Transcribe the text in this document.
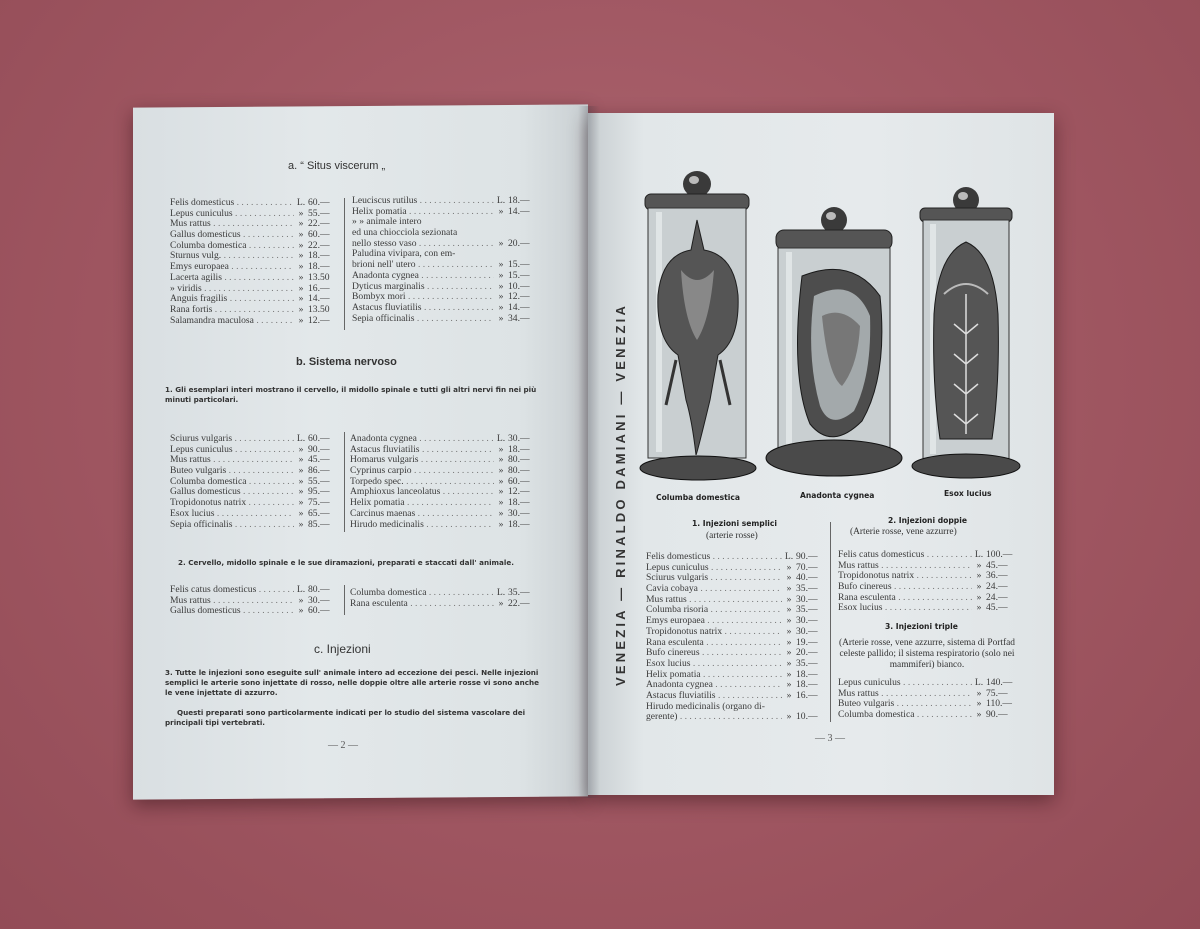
a. “ Situs viscerum „
Felis domesticus . . .	L. 60.—
Lepus cuniculus . . .	» 55.—
Mus rattus . . .	» 22.—
Gallus domesticus . . .	» 60.—
Columba domestica . . .	» 22.—
Sturnus vulg. . . .	» 18.—
Emys europaea . . .	» 18.—
Lacerta agilis . . .	» 13.50
» viridis . . .	» 16.—
Anguis fragilis . . .	» 14.—
Rana fortis . . .	» 13.50
Salamandra maculosa . . .	» 12.—
Leuciscus rutilus . . .	L. 18.—
Helix pomatia . . .	» 14.—
» » animale intero
ed una chiocciola sezionata
nello stesso vaso . . .	» 20.—
Paludina vivipara, con em-
brioni nell' utero . . .	» 15.—
Anadonta cygnea . . .	» 15.—
Dyticus marginalis . . .	» 10.—
Bombyx mori . . .	» 12.—
Astacus fluviatilis . . .	» 14.—
Sepia officinalis . . .	» 34.—
b. Sistema nervoso
1. Gli esemplari interi mostrano il cervello, il midollo spinale e tutti gli altri nervi fin nei più minuti particolari.
Sciurus vulgaris . . .	L. 60.—
Lepus cuniculus . . .	» 90.—
Mus rattus . . .	» 45.—
Buteo vulgaris . . .	» 86.—
Columba domestica . . .	» 55.—
Gallus domesticus . . .	» 95.—
Tropidonotus natrix . . .	» 75.—
Esox lucius . . .	» 65.—
Sepia officinalis . . .	» 85.—
Anadonta cygnea . . .	L. 30.—
Astacus fluviatilis . . .	» 18.—
Homarus vulgaris . . .	» 80.—
Cyprinus carpio . . .	» 80.—
Torpedo spec. . . .	» 60.—
Amphioxus lanceolatus . . .	» 12.—
Helix pomatia . . .	» 18.—
Carcinus maenas . . .	» 30.—
Hirudo medicinalis . . .	» 18.—
2. Cervello, midollo spinale e le sue diramazioni, preparati e staccati dall' animale.
Felis catus domesticus . . .	L. 80.—
Mus rattus . . .	» 30.—
Gallus domesticus . . .	» 60.—
Columba domestica . . .	L. 35.—
Rana esculenta . . .	» 22.—
c. Injezioni
3. Tutte le injezioni sono eseguite sull' animale intero ad eccezione dei pesci. Nelle injezioni semplici le arterie sono injettate di rosso, nelle doppie oltre alle arterie rosse vi sono anche le vene injettate di azzurro.
Questi preparati sono particolarmente indicati per lo studio del sistema vascolare dei principali tipi vertebrati.
— 2 —
VENEZIA — RINALDO DAMIANI — VENEZIA	Columba domestica	Anadonta cygnea	Esox lucius
1. Injezioni semplici
(arterie rosse)
Felis domesticus . . .	L. 90.—
Lepus cuniculus . . .	» 70.—
Sciurus vulgaris . . .	» 40.—
Cavia cobaya . . .	» 35.—
Mus rattus . . .	» 30.—
Columba risoria . . .	» 35.—
Emys europaea . . .	» 30.—
Tropidonotus natrix . . .	» 30.—
Rana esculenta . . .	» 19.—
Bufo cinereus . . .	» 20.—
Esox lucius . . .	» 35.—
Helix pomatia . . .	» 18.—
Anadonta cygnea . . .	» 18.—
Astacus fluviatilis . . .	» 16.—
Hirudo medicinalis (organo di-
gerente) . . .	» 10.—
2. Injezioni doppie
(Arterie rosse, vene azzurre)
Felis catus domesticus . . .	L. 100.—
Mus rattus . . .	» 45.—
Tropidonotus natrix . . .	» 36.—
Bufo cinereus . . .	» 24.—
Rana esculenta . . .	» 24.—
Esox lucius . . .	» 45.—
3. Injezioni triple
(Arterie rosse, vene azzurre, sistema di Portfad celeste pallido; il sistema respiratorio (solo nei mammiferi) bianco.
Lepus cuniculus . . .	L. 140.—
Mus rattus . . .	» 75.—
Buteo vulgaris . . .	» 110.—
Columba domestica . . .	» 90.—
— 3 —
